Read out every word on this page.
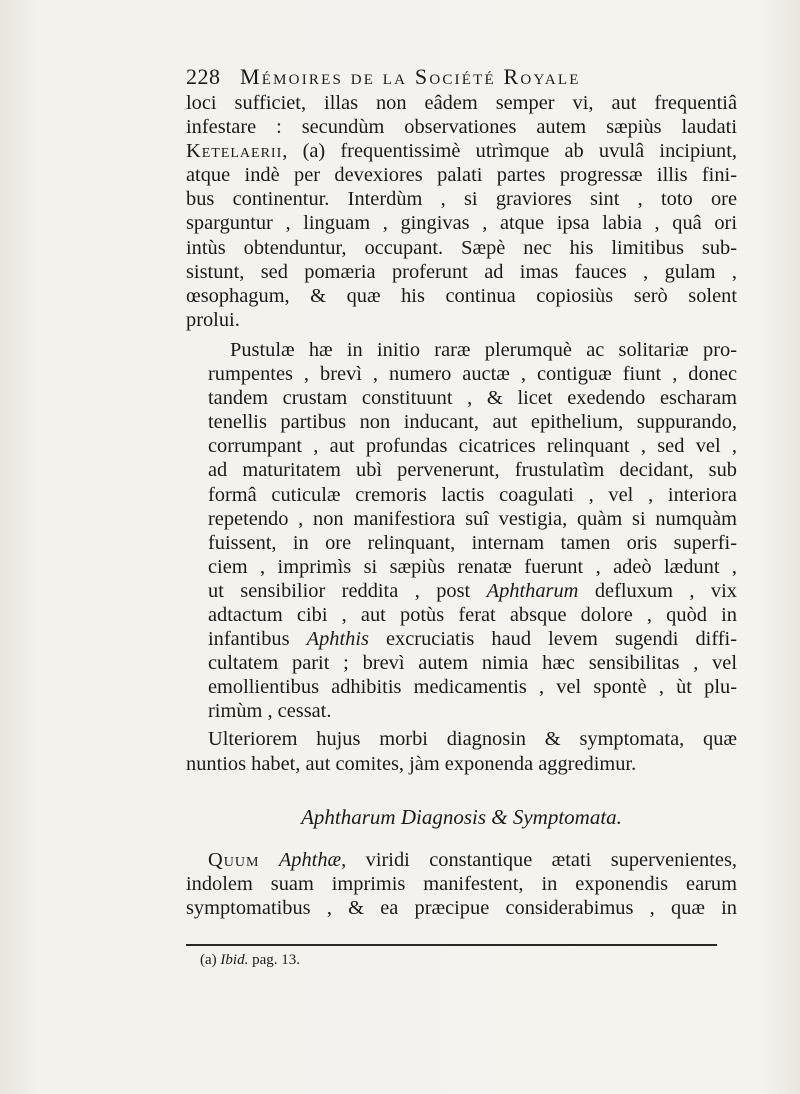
228 Mémoires de la Société Royale

loci sufficiet, illas non eâdem semper vi, aut frequentiâ
infestare : secundùm observationes autem sæpiùs laudati
Ketelaerii, (a) frequentissimè utrìmque ab uvulâ incipiunt,
atque indè per devexiores palati partes progressæ illis fini-
bus continentur. Interdùm , si graviores sint , toto ore
sparguntur , linguam , gingivas , atque ipsa labia , quâ ori
intùs obtenduntur, occupant. Sæpè nec his limitibus sub-
sistunt, sed pomæria proferunt ad imas fauces , gulam ,
œsophagum, & quæ his continua copiosiùs serò solent
prolui.

Pustulæ hæ in initio raræ plerumquè ac solitariæ pro-
rumpentes , brevì , numero auctæ , contiguæ fiunt , donec
tandem crustam constituunt , & licet exedendo escharam
tenellis partibus non inducant, aut epithelium, suppurando,
corrumpant , aut profundas cicatrices relinquant , sed vel ,
ad maturitatem ubì pervenerunt, frustulatìm decidant, sub
formâ cuticulæ cremoris lactis coagulati , vel , interiora
repetendo , non manifestiora suî vestigia, quàm si numquàm
fuissent, in ore relinquant, internam tamen oris superfi-
ciem , imprimìs si sæpiùs renatæ fuerunt , adeò lædunt ,
ut sensibilior reddita , post Aphtharum defluxum , vix
adtactum cibi , aut potùs ferat absque dolore , quòd in
infantibus Aphthis excruciatis haud levem sugendi diffi-
cultatem parit ; brevì autem nimia hæc sensibilitas , vel
emollientibus adhibitis medicamentis , vel spontè , ùt plu-
rimùm , cessat.

Ulteriorem hujus morbi diagnosin & symptomata, quæ
nuntios habet, aut comites, jàm exponenda aggredimur.

Aphtharum Diagnosis & Symptomata.
Quum Aphthæ, viridi constantique ætati supervenientes,
indolem suam imprimis manifestent, in exponendis earum
symptomatibus , & ea præcipue considerabimus , quæ in
(a) Ibid. pag. 13.
